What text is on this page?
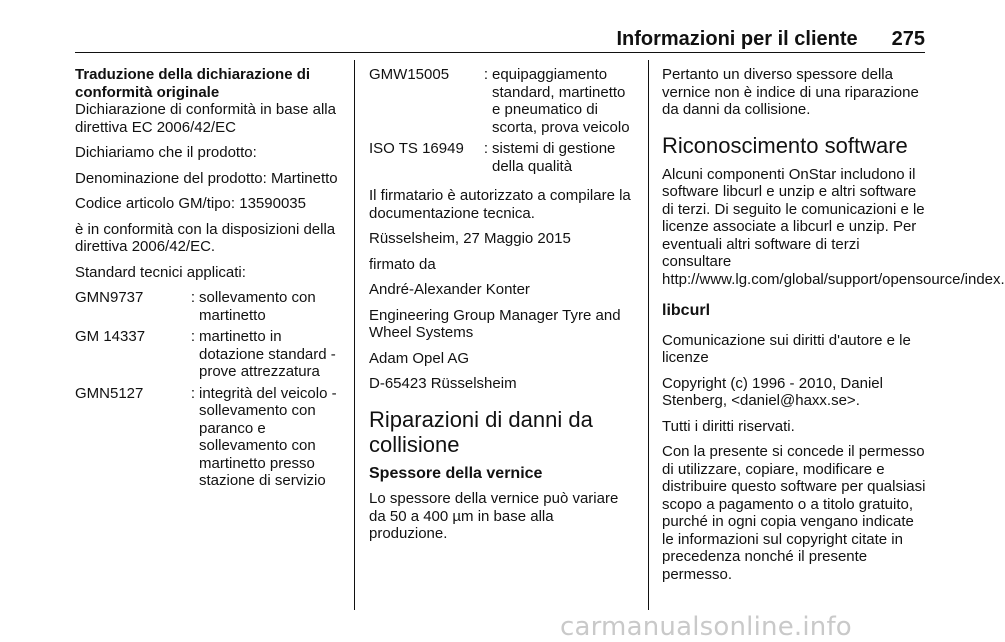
Informazioni per il cliente 275

Traduzione della dichiarazione di conformità originale

Dichiarazione di conformità in base alla direttiva EC 2006/42/EC

Dichiariamo che il prodotto:

Denominazione del prodotto: Martinetto

Codice articolo GM/tipo: 13590035

è in conformità con la disposizioni della direttiva 2006/42/EC.

Standard tecnici applicati:

GMN9737	: sollevamento con martinetto
GM 14337	: martinetto in dotazione standard - prove attrezzatura
GMN5127	: integrità del veicolo - sollevamento con paranco e sollevamento con martinetto presso stazione di servizio
GMW15005	: equipaggiamento standard, martinetto e pneumatico di scorta, prova veicolo
ISO TS 16949	: sistemi di gestione della qualità

Il firmatario è autorizzato a compilare la documentazione tecnica.

Rüsselsheim, 27 Maggio 2015

firmato da

André-Alexander Konter

Engineering Group Manager Tyre and Wheel Systems

Adam Opel AG

D-65423 Rüsselsheim

Riparazioni di danni da collisione
Spessore della vernice

Lo spessore della vernice può variare da 50 a 400 µm in base alla produzione.

Pertanto un diverso spessore della vernice non è indice di una riparazione da danni da collisione.

Riconoscimento software

Alcuni componenti OnStar includono il software libcurl e unzip e altri software di terzi. Di seguito le comunicazioni e le licenze associate a libcurl e unzip. Per eventuali altri software di terzi consultare http://www.lg.com/global/support/opensource/index.

libcurl

Comunicazione sui diritti d'autore e le licenze

Copyright (c) 1996 - 2010, Daniel Stenberg, <daniel@haxx.se>.

Tutti i diritti riservati.

Con la presente si concede il permesso di utilizzare, copiare, modificare e distribuire questo software per qualsiasi scopo a pagamento o a titolo gratuito, purché in ogni copia vengano indicate le informazioni sul copyright citate in precedenza nonché il presente permesso.

carmanualsonline.info
